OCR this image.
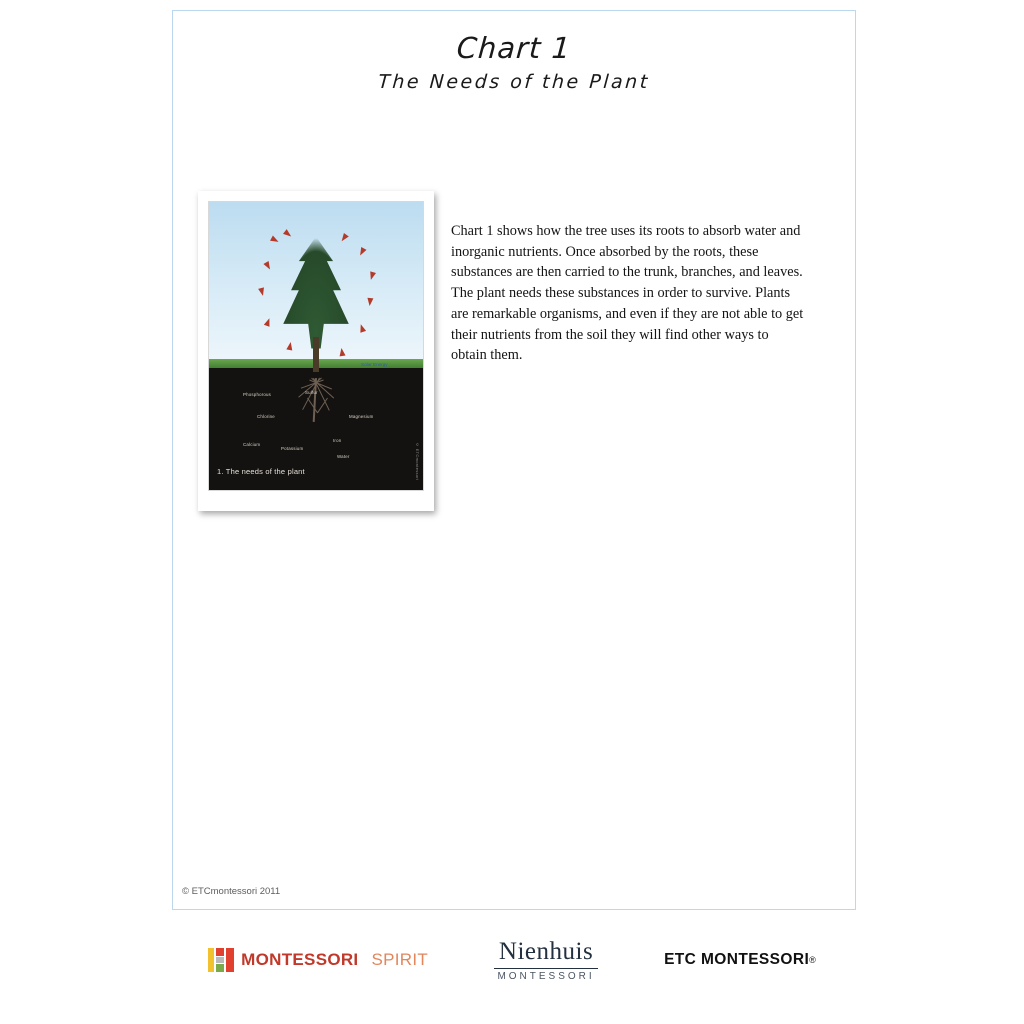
Chart 1
The Needs of the Plant
Solar Energy
Phosphorous	Sulfur
Chlorine	Magnesium
Calcium
Iron
Potassium
Water
1. The needs of the plant	© ETCmontessori
Chart 1 shows how the tree uses its roots to absorb water and inorganic nutrients. Once absorbed by the roots, these substances are then carried to the trunk, branches, and leaves. The plant needs these substances in order to survive. Plants are remarkable organisms, and even if they are not able to get their nutrients from the soil they will find other ways to obtain them.
© ETCmontessori 2011
MONTESSORI SPIRIT	Nienhuis
MONTESSORI
ETC MONTESSORI ®
